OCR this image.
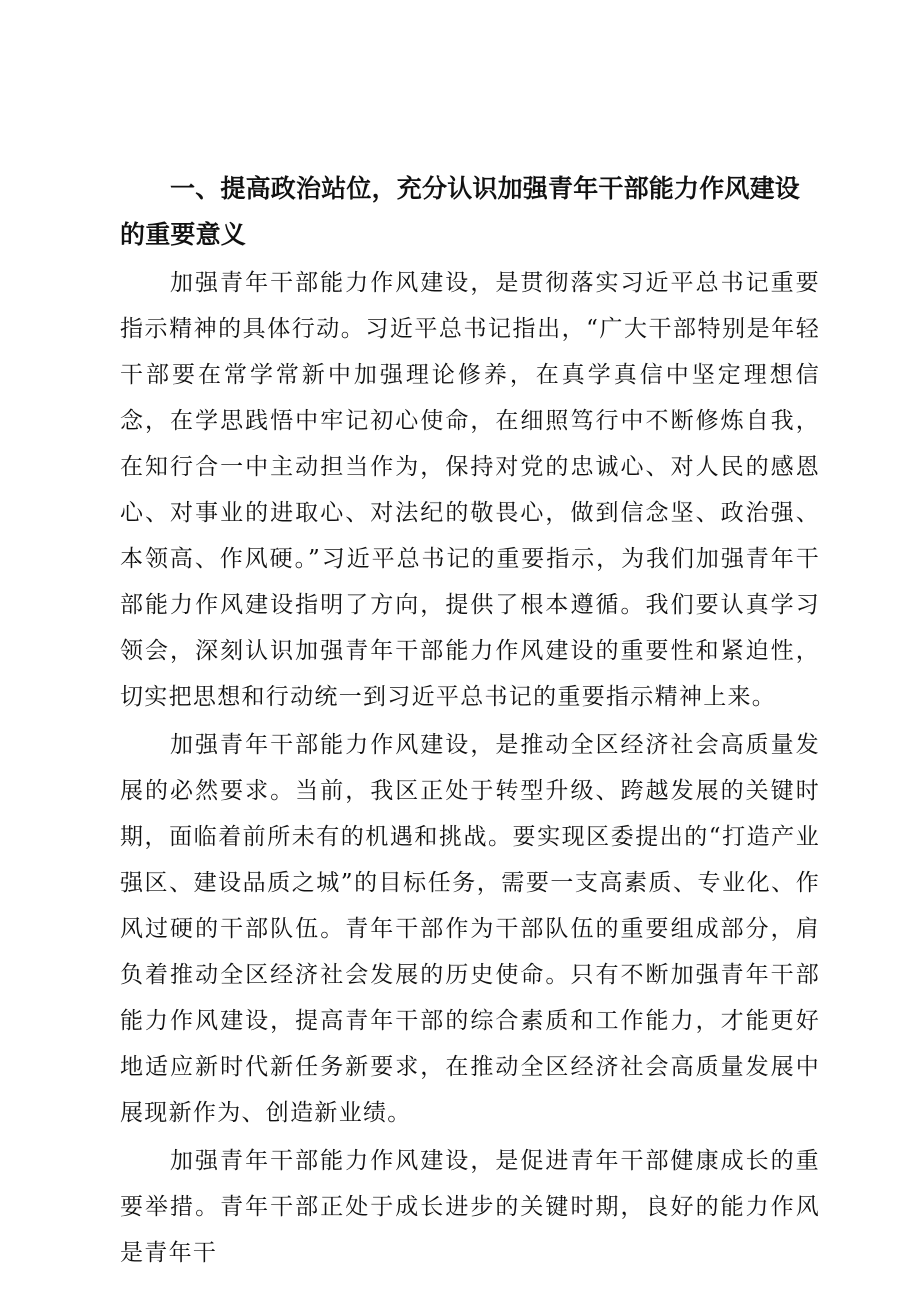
一、提高政治站位，充分认识加强青年干部能力作风建设的重要意义

加强青年干部能力作风建设，是贯彻落实习近平总书记重要指示精神的具体行动。习近平总书记指出，“广大干部特别是年轻干部要在常学常新中加强理论修养，在真学真信中坚定理想信念，在学思践悟中牢记初心使命，在细照笃行中不断修炼自我，在知行合一中主动担当作为，保持对党的忠诚心、对人民的感恩心、对事业的进取心、对法纪的敬畏心，做到信念坚、政治强、本领高、作风硬。”习近平总书记的重要指示，为我们加强青年干部能力作风建设指明了方向，提供了根本遵循。我们要认真学习领会，深刻认识加强青年干部能力作风建设的重要性和紧迫性，切实把思想和行动统一到习近平总书记的重要指示精神上来。

加强青年干部能力作风建设，是推动全区经济社会高质量发展的必然要求。当前，我区正处于转型升级、跨越发展的关键时期，面临着前所未有的机遇和挑战。要实现区委提出的“打造产业强区、建设品质之城”的目标任务，需要一支高素质、专业化、作风过硬的干部队伍。青年干部作为干部队伍的重要组成部分，肩负着推动全区经济社会发展的历史使命。只有不断加强青年干部能力作风建设，提高青年干部的综合素质和工作能力，才能更好地适应新时代新任务新要求，在推动全区经济社会高质量发展中展现新作为、创造新业绩。

加强青年干部能力作风建设，是促进青年干部健康成长的重要举措。青年干部正处于成长进步的关键时期，良好的能力作风是青年干
